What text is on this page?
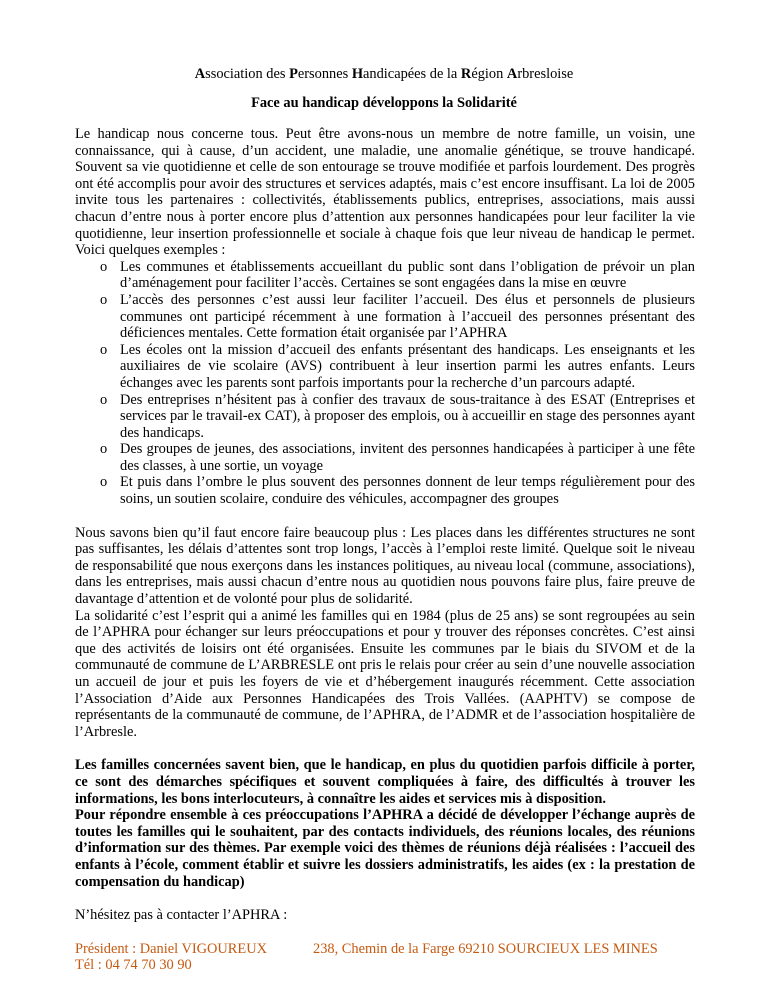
Association des Personnes Handicapées de la Région Arbresloise
Face au handicap développons la Solidarité

Le handicap nous concerne tous. Peut être avons-nous un membre de notre famille, un voisin, une connaissance, qui à cause, d’un accident, une maladie, une anomalie génétique, se trouve handicapé. Souvent sa vie quotidienne et celle de son entourage se trouve modifiée et parfois lourdement. Des progrès ont été accomplis pour avoir des structures et services adaptés, mais c’est encore insuffisant. La loi de 2005 invite tous les partenaires : collectivités, établissements publics, entreprises, associations, mais aussi chacun d’entre nous à porter encore plus d’attention aux personnes handicapées pour leur faciliter la vie quotidienne, leur insertion professionnelle et sociale à chaque fois que leur niveau de handicap le permet. Voici quelques exemples :

o Les communes et établissements accueillant du public sont dans l’obligation de prévoir un plan d’aménagement pour faciliter l’accès. Certaines se sont engagées dans la mise en œuvre
o L’accès des personnes c’est aussi leur faciliter l’accueil. Des élus et personnels de plusieurs communes ont participé récemment à une formation à l’accueil des personnes présentant des déficiences mentales. Cette formation était organisée par l’APHRA
o Les écoles ont la mission d’accueil des enfants présentant des handicaps. Les enseignants et les auxiliaires de vie scolaire (AVS) contribuent à leur insertion parmi les autres enfants. Leurs échanges avec les parents sont parfois importants pour la recherche d’un parcours adapté.
o Des entreprises n’hésitent pas à confier des travaux de sous-traitance à des ESAT (Entreprises et services par le travail-ex CAT), à proposer des emplois, ou à accueillir en stage des personnes ayant des handicaps.
o Des groupes de jeunes, des associations, invitent des personnes handicapées à participer à une fête des classes, à une sortie, un voyage
o Et puis dans l’ombre le plus souvent des personnes donnent de leur temps régulièrement pour des soins, un soutien scolaire, conduire des véhicules, accompagner des groupes

Nous savons bien qu’il faut encore faire beaucoup plus : Les places dans les différentes structures ne sont pas suffisantes, les délais d’attentes sont trop longs, l’accès à l’emploi reste limité. Quelque soit le niveau de responsabilité que nous exerçons dans les instances politiques, au niveau local (commune, associations), dans les entreprises, mais aussi chacun d’entre nous au quotidien nous pouvons faire plus, faire preuve de davantage d’attention et de volonté pour plus de solidarité.

La solidarité c’est l’esprit qui a animé les familles qui en 1984 (plus de 25 ans) se sont regroupées au sein de l’APHRA pour échanger sur leurs préoccupations et pour y trouver des réponses concrètes. C’est ainsi que des activités de loisirs ont été organisées. Ensuite les communes par le biais du SIVOM et de la communauté de commune de L’ARBRESLE ont pris le relais pour créer au sein d’une nouvelle association un accueil de jour et puis les foyers de vie et d’hébergement inaugurés récemment. Cette association l’Association d’Aide aux Personnes Handicapées des Trois Vallées. (AAPHTV) se compose de représentants de la communauté de commune, de l’APHRA, de l’ADMR et de l’association hospitalière de l’Arbresle.

Les familles concernées savent bien, que le handicap, en plus du quotidien parfois difficile à porter, ce sont des démarches spécifiques et souvent compliquées à faire, des difficultés à trouver les informations, les bons interlocuteurs, à connaître les aides et services mis à disposition.

Pour répondre ensemble à ces préoccupations l’APHRA a décidé de développer l’échange auprès de toutes les familles qui le souhaitent, par des contacts individuels, des réunions locales, des réunions d’information sur des thèmes. Par exemple voici des thèmes de réunions déjà réalisées : l’accueil des enfants à l’école, comment établir et suivre les dossiers administratifs, les aides (ex : la prestation de compensation du handicap)

N’hésitez pas à contacter l’APHRA :

Président : Daniel VIGOUREUX
Tél : 04 74 70 30 90
238, Chemin de la Farge 69210 SOURCIEUX LES MINES
